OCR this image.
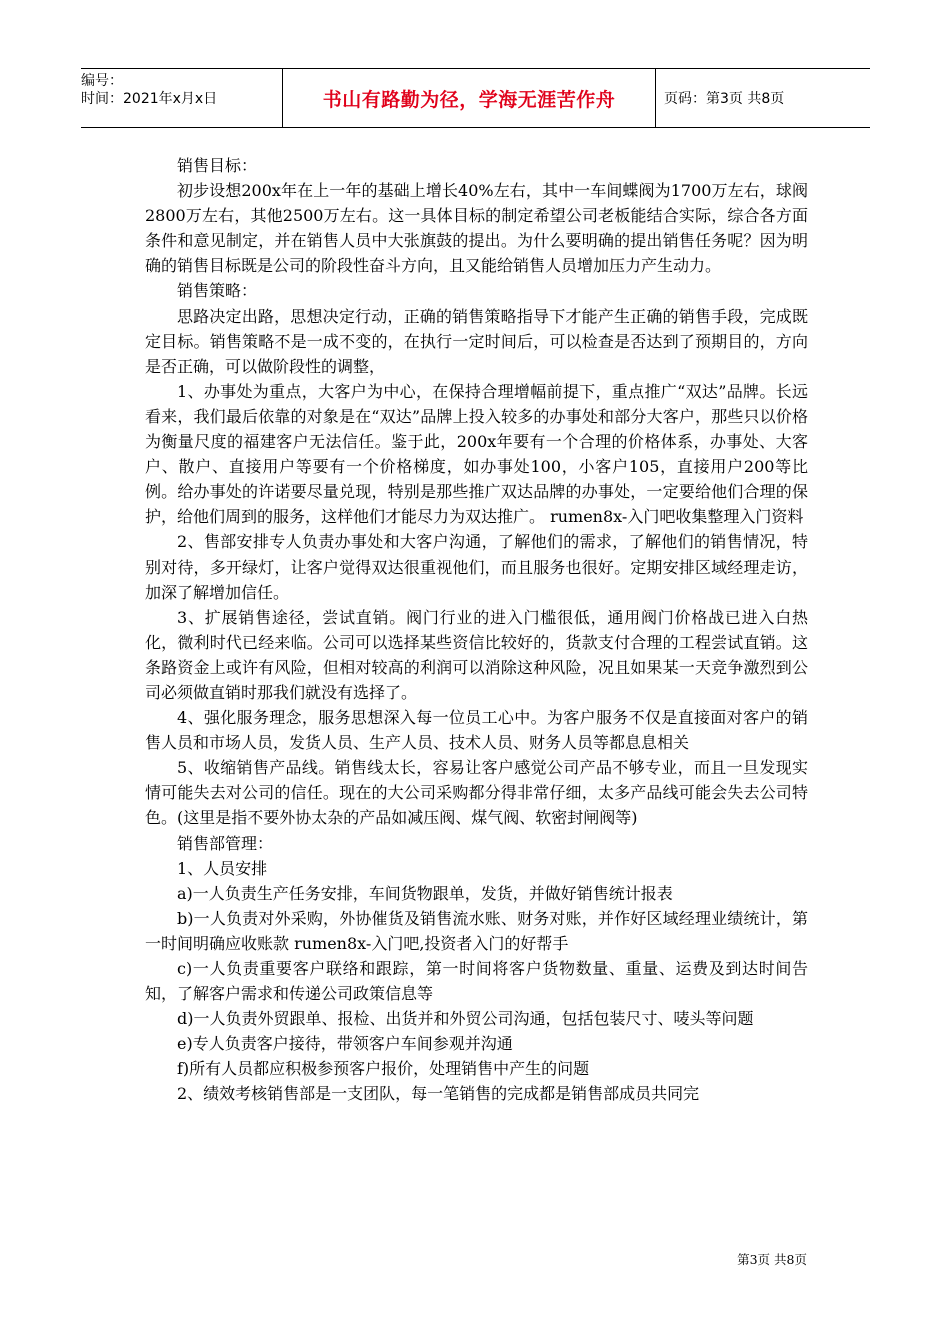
编号：
时间：2021年x月x日	书山有路勤为径，学海无涯苦作舟	页码：第3页 共8页

销售目标：

初步设想200x年在上一年的基础上增长40%左右，其中一车间蝶阀为1700万左右，球阀2800万左右，其他2500万左右。这一具体目标的制定希望公司老板能结合实际，综合各方面条件和意见制定，并在销售人员中大张旗鼓的提出。为什么要明确的提出销售任务呢？因为明确的销售目标既是公司的阶段性奋斗方向，且又能给销售人员增加压力产生动力。

销售策略：

思路决定出路，思想决定行动，正确的销售策略指导下才能产生正确的销售手段，完成既定目标。销售策略不是一成不变的，在执行一定时间后，可以检查是否达到了预期目的，方向是否正确，可以做阶段性的调整，

1、办事处为重点，大客户为中心，在保持合理增幅前提下，重点推广“双达”品牌。长远看来，我们最后依靠的对象是在“双达”品牌上投入较多的办事处和部分大客户，那些只以价格为衡量尺度的福建客户无法信任。鉴于此，200x年要有一个合理的价格体系，办事处、大客户、散户、直接用户等要有一个价格梯度，如办事处100，小客户105，直接用户200等比例。给办事处的许诺要尽量兑现，特别是那些推广双达品牌的办事处，一定要给他们合理的保护，给他们周到的服务，这样他们才能尽力为双达推广。 rumen8x-入门吧收集整理入门资料

2、售部安排专人负责办事处和大客户沟通，了解他们的需求，了解他们的销售情况，特别对待，多开绿灯，让客户觉得双达很重视他们，而且服务也很好。定期安排区域经理走访，加深了解增加信任。

3、扩展销售途径，尝试直销。阀门行业的进入门槛很低，通用阀门价格战已进入白热化，微利时代已经来临。公司可以选择某些资信比较好的，货款支付合理的工程尝试直销。这条路资金上或许有风险，但相对较高的利润可以消除这种风险，况且如果某一天竞争激烈到公司必须做直销时那我们就没有选择了。

4、强化服务理念，服务思想深入每一位员工心中。为客户服务不仅是直接面对客户的销售人员和市场人员，发货人员、生产人员、技术人员、财务人员等都息息相关

5、收缩销售产品线。销售线太长，容易让客户感觉公司产品不够专业，而且一旦发现实情可能失去对公司的信任。现在的大公司采购都分得非常仔细，太多产品线可能会失去公司特色。(这里是指不要外协太杂的产品如减压阀、煤气阀、软密封闸阀等)

销售部管理：

1、人员安排

a)一人负责生产任务安排，车间货物跟单，发货，并做好销售统计报表

b)一人负责对外采购，外协催货及销售流水账、财务对账，并作好区域经理业绩统计，第一时间明确应收账款 rumen8x-入门吧,投资者入门的好帮手

c)一人负责重要客户联络和跟踪，第一时间将客户货物数量、重量、运费及到达时间告知，了解客户需求和传递公司政策信息等

d)一人负责外贸跟单、报检、出货并和外贸公司沟通，包括包装尺寸、唛头等问题

e)专人负责客户接待，带领客户车间参观并沟通

f)所有人员都应积极参预客户报价，处理销售中产生的问题

2、绩效考核销售部是一支团队，每一笔销售的完成都是销售部成员共同完

第3页 共8页
